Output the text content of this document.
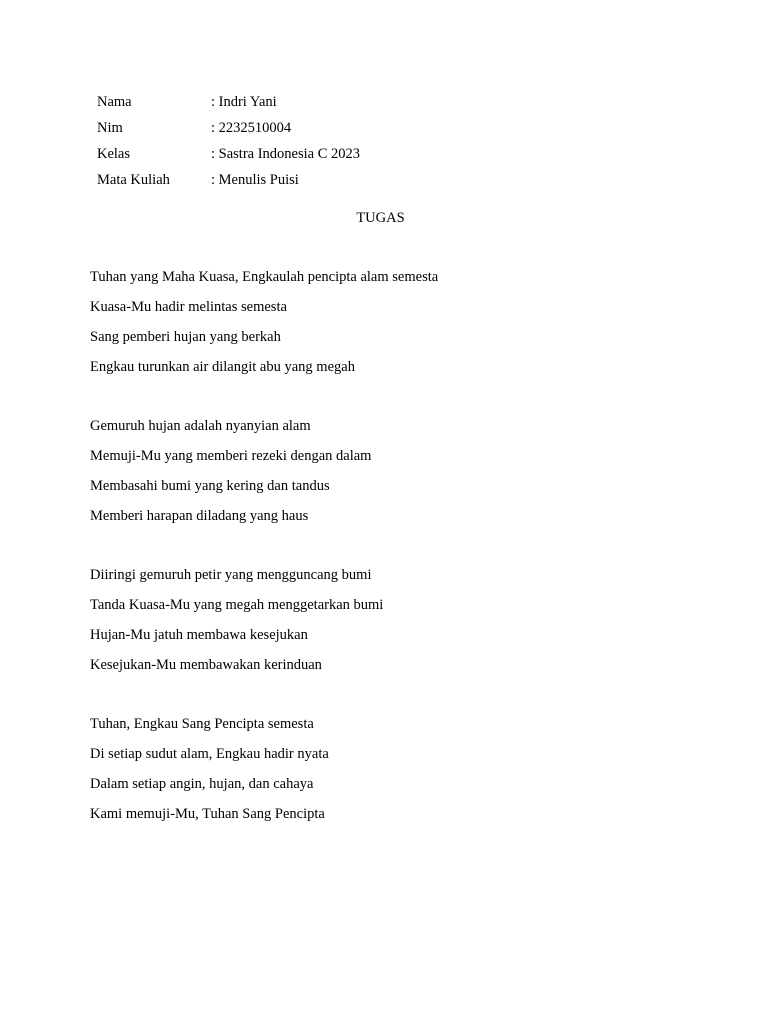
Nama	: Indri Yani
Nim	: 2232510004
Kelas	: Sastra Indonesia C 2023
Mata Kuliah	: Menulis Puisi
TUGAS
Tuhan yang Maha Kuasa, Engkaulah pencipta alam semesta
Kuasa-Mu hadir melintas semesta
Sang pemberi hujan yang berkah
Engkau turunkan air dilangit abu yang megah
Gemuruh hujan adalah nyanyian alam
Memuji-Mu yang memberi rezeki dengan dalam
Membasahi bumi yang kering dan tandus
Memberi harapan diladang yang haus
Diiringi gemuruh petir yang mengguncang bumi
Tanda Kuasa-Mu yang megah menggetarkan bumi
Hujan-Mu jatuh membawa kesejukan
Kesejukan-Mu membawakan kerinduan
Tuhan, Engkau Sang Pencipta semesta
Di setiap sudut alam, Engkau hadir nyata
Dalam setiap angin, hujan, dan cahaya
Kami memuji-Mu, Tuhan Sang Pencipta
